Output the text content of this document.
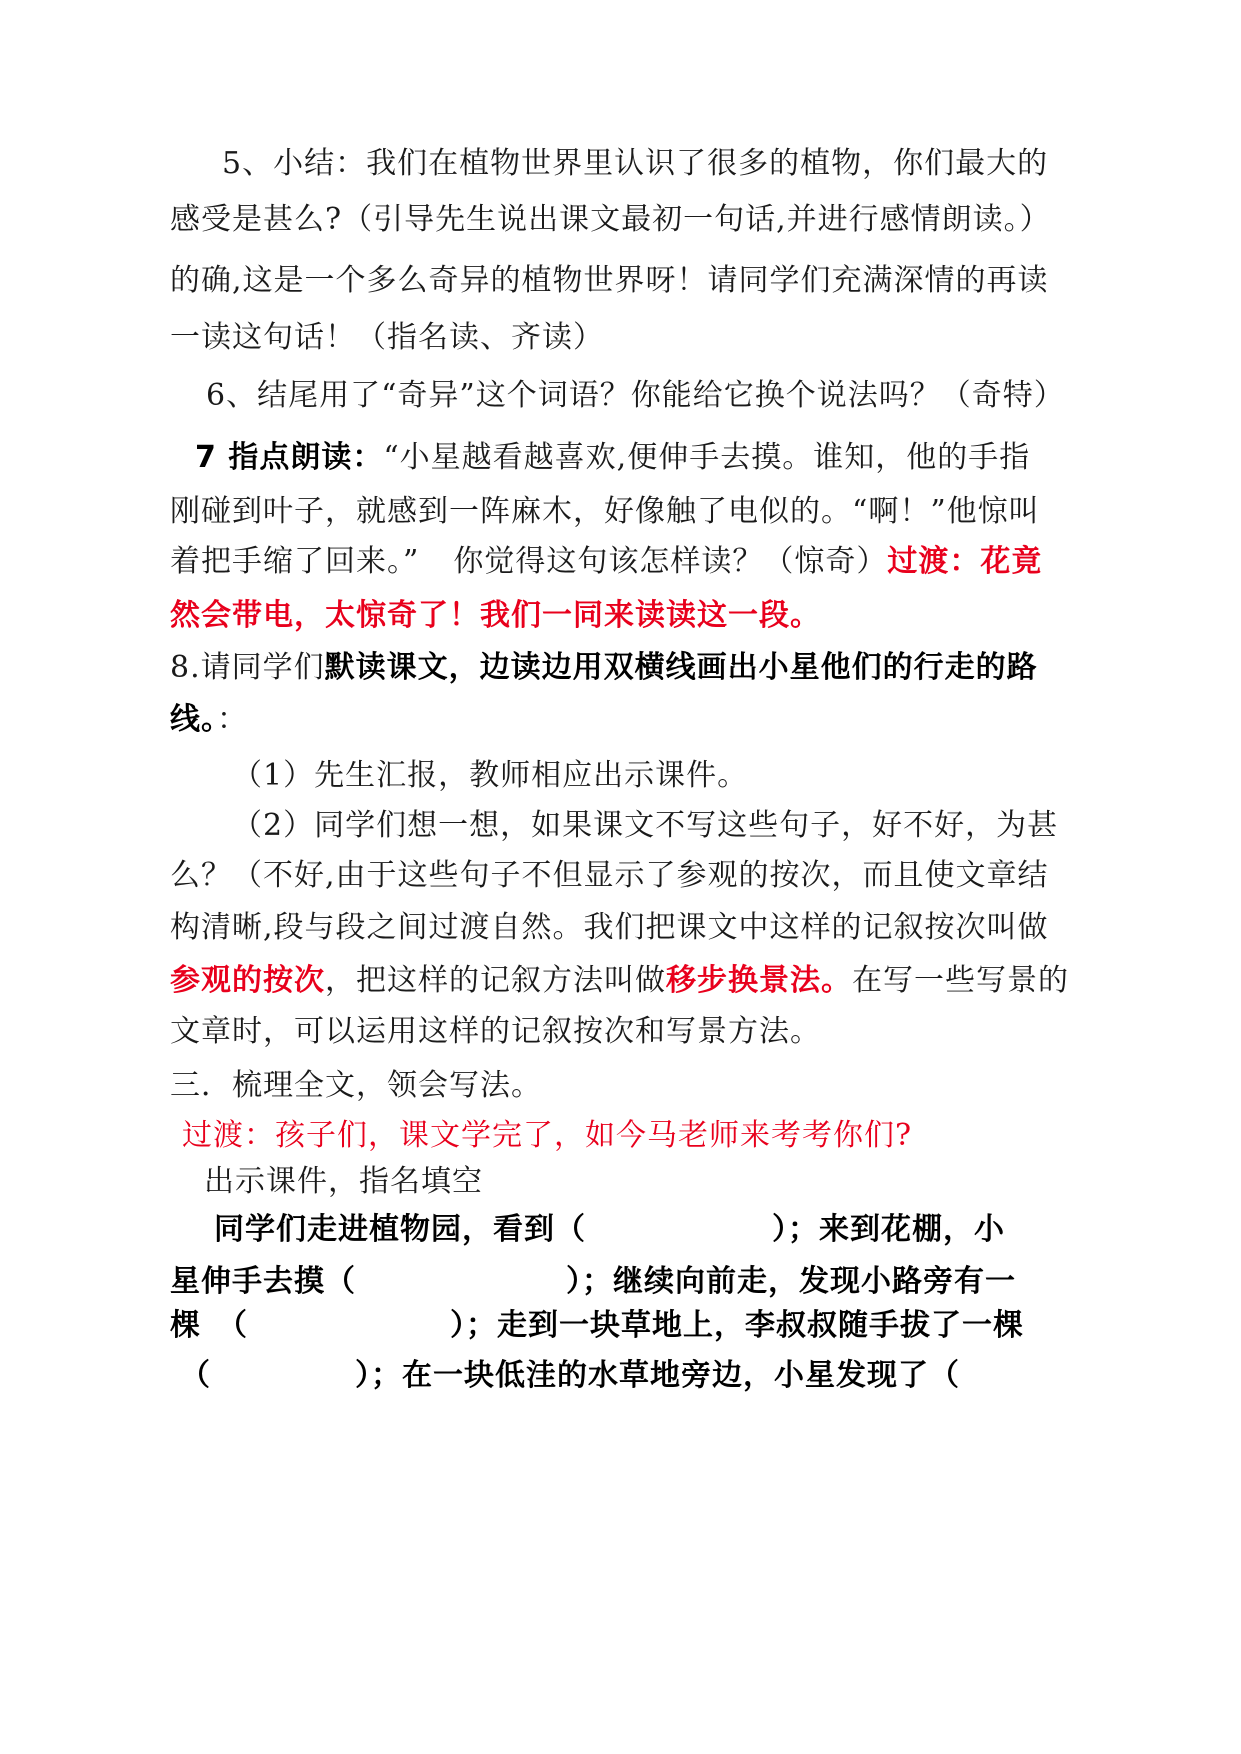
5、小结：我们在植物世界里认识了很多的植物，你们最大的
感受是甚么?（引导先生说出课文最初一句话,并进行感情朗读。）
的确,这是一个多么奇异的植物世界呀！请同学们充满深情的再读
一读这句话！（指名读、齐读）
6、结尾用了“奇异”这个词语？你能给它换个说法吗？（奇特）
7 指点朗读：“小星越看越喜欢,便伸手去摸。谁知，他的手指
刚碰到叶子，就感到一阵麻木，好像触了电似的。“啊！”他惊叫
着把手缩了回来。” 你觉得这句该怎样读？（惊奇）过渡：花竟
然会带电，太惊奇了！我们一同来读读这一段。
8.请同学们默读课文，边读边用双横线画出小星他们的行走的路
线。：
（1）先生汇报，教师相应出示课件。
（2）同学们想一想，如果课文不写这些句子，好不好，为甚
么？（不好,由于这些句子不但显示了参观的按次，而且使文章结
构清晰,段与段之间过渡自然。我们把课文中这样的记叙按次叫做
参观的按次，把这样的记叙方法叫做移步换景法。在写一些写景的
文章时，可以运用这样的记叙按次和写景方法。
三．梳理全文，领会写法。
过渡：孩子们，课文学完了，如今马老师来考考你们?
出示课件，指名填空
同学们走进植物园，看到（	）；来到花棚，小
星伸手去摸（	）；继续向前走，发现小路旁有一
棵　（	）；走到一块草地上，李叔叔随手拔了一棵
（	）；在一块低洼的水草地旁边，小星发现了（
